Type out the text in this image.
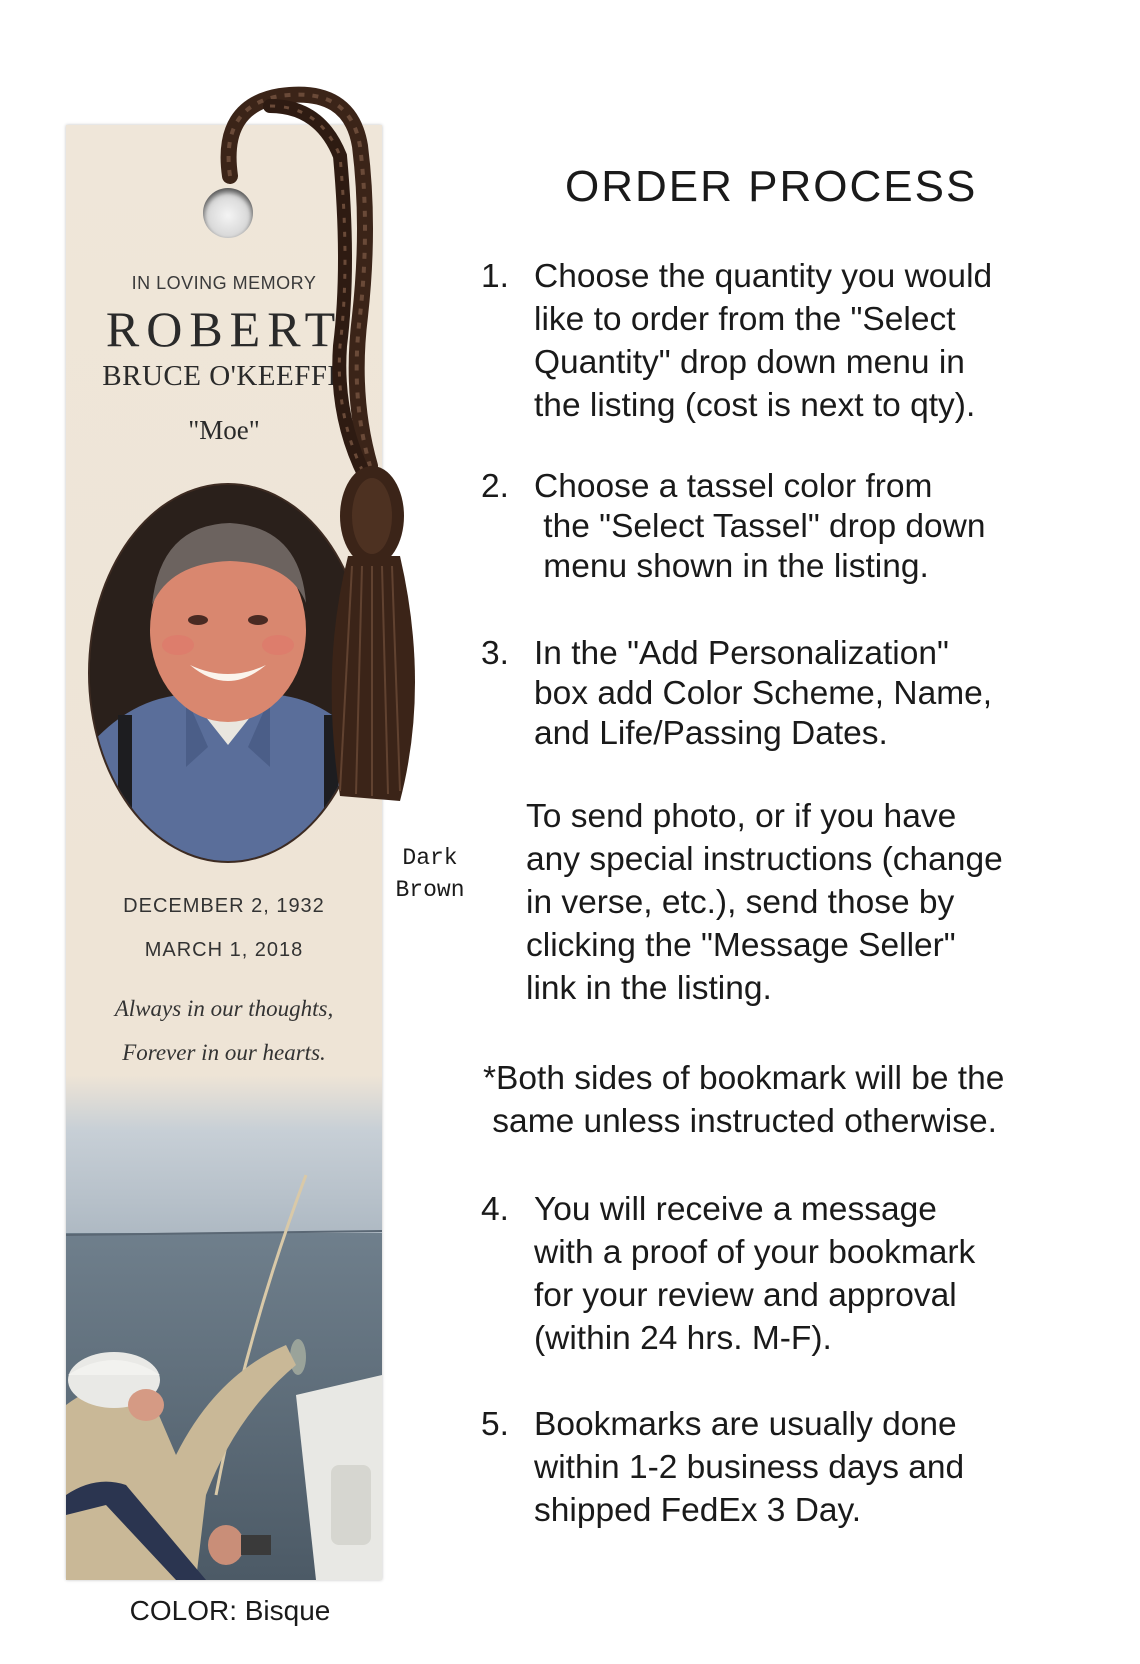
IN LOVING MEMORY
ROBERT
BRUCE O'KEEFFE
"Moe"
DECEMBER 2, 1932
MARCH 1, 2018
Always in our thoughts,
Forever in our hearts.
Dark
Brown
COLOR: Bisque
ORDER PROCESS
1. Choose the quantity you would
like to order from the "Select
Quantity" drop down menu in
the listing (cost is next to qty).
2. Choose a tassel color from
the "Select Tassel" drop down
menu shown in the listing.
3. In the "Add Personalization"
box add Color Scheme, Name,
and Life/Passing Dates.
To send photo, or if you have
any special instructions (change
in verse, etc.), send those by
clicking the "Message Seller"
link in the listing.
*Both sides of bookmark will be the
same unless instructed otherwise.
4. You will receive a message
with a proof of your bookmark
for your review and approval
(within 24 hrs. M-F).
5. Bookmarks are usually done
within 1-2 business days and
shipped FedEx 3 Day.
